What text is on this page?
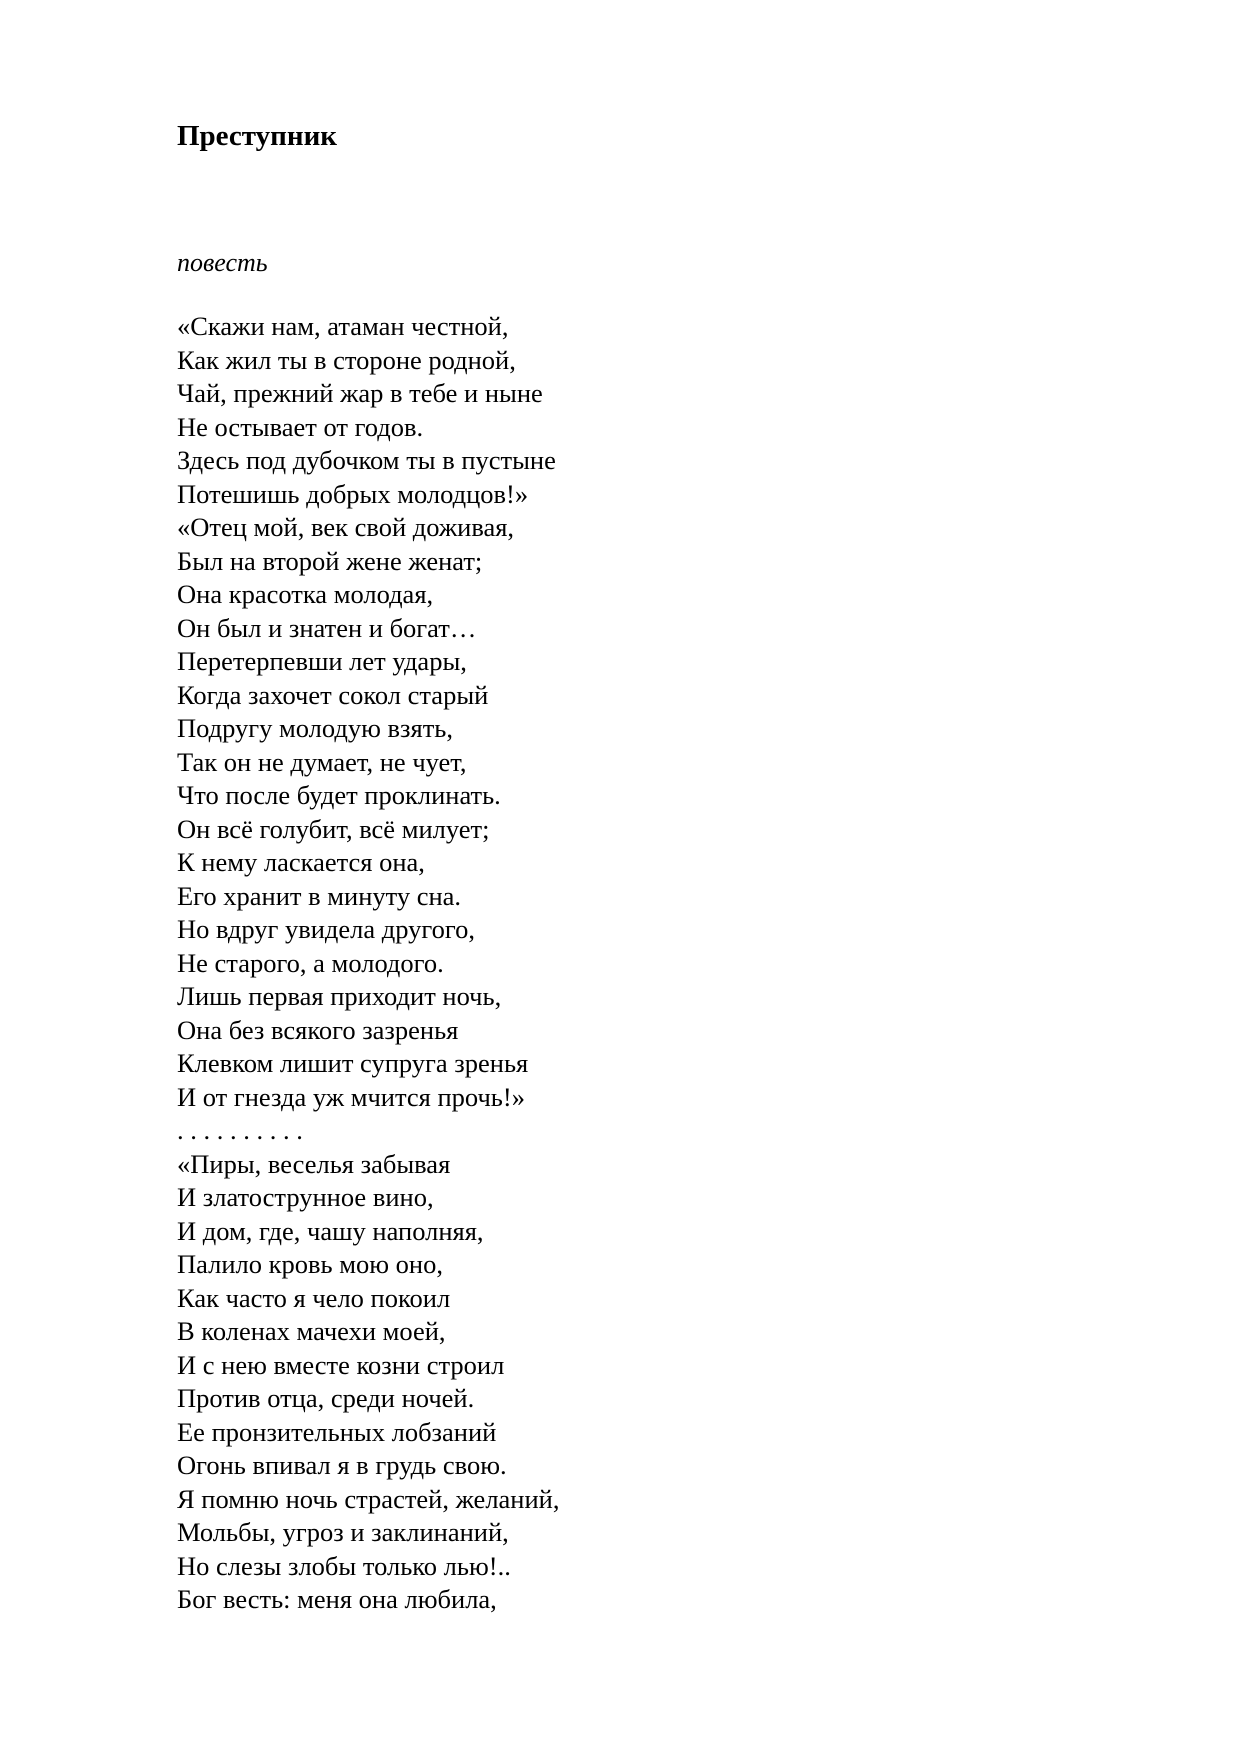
Преступник

повесть

«Скажи нам, атаман честной,
Как жил ты в стороне родной,
Чай, прежний жар в тебе и ныне
Не остывает от годов.
Здесь под дубочком ты в пустыне
Потешишь добрых молодцов!»
«Отец мой, век свой доживая,
Был на второй жене женат;
Она красотка молодая,
Он был и знатен и богат…
Перетерпевши лет удары,
Когда захочет сокол старый
Подругу молодую взять,
Так он не думает, не чует,
Что после будет проклинать.
Он всё голубит, всё милует;
К нему ласкается она,
Его хранит в минуту сна.
Но вдруг увидела другого,
Не старого, а молодого.
Лишь первая приходит ночь,
Она без всякого зазренья
Клевком лишит супруга зренья
И от гнезда уж мчится прочь!»
. . . . . . . . . .
«Пиры, веселья забывая
И златострунное вино,
И дом, где, чашу наполняя,
Палило кровь мою оно,
Как часто я чело покоил
В коленах мачехи моей,
И с нею вместе козни строил
Против отца, среди ночей.
Ее пронзительных лобзаний
Огонь впивал я в грудь свою.
Я помню ночь страстей, желаний,
Мольбы, угроз и заклинаний,
Но слезы злобы только лью!..
Бог весть: меня она любила,
